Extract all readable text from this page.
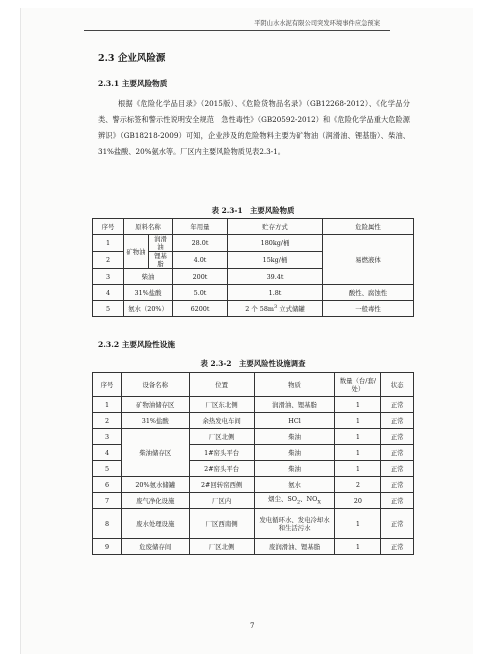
平阴山水水泥有限公司突发环境事件应急预案
2.3 企业风险源
2.3.1 主要风险物质

根据《危险化学品目录》（2015版）、《危险货物品名录》（GB12268-2012）、《化学品分类、警示标签和警示性说明安全规范　急性毒性》（GB20592-2012）和《危险化学品重大危险源辨识》（GB18218-2009）可知，企业涉及的危险物料主要为矿物油（润滑油、锂基脂）、柴油、31%盐酸、20%氨水等。厂区内主要风险物质见表2.3-1。

表 2.3-1　主要风险物质
序号	原料名称		年用量	贮存方式	危险属性
1	矿物油	润滑油	28.0t	180kg/桶	易燃液体
2		锂基脂	4.0t	15kg/桶	
3	柴油		200t	39.4t	
4	31%盐酸		5.0t	1.8t	酸性、腐蚀性
5	氨水（20%）		6200t	2 个 $58m^3$ 立式储罐	一般毒性
2.3.2 主要风险性设施
表 2.3-2　主要风险性设施调查
序号	设备名称	位置	物质	数量（台/套/处）	状态
1	矿物油储存区	厂区东北侧	润滑油、锂基脂	1	正常
2	31%盐酸	余热发电车间	HCl	1	正常
3	柴油储存区	厂区北侧	柴油	1	正常
4		1#窑头平台	柴油	1	正常
5		2#窑头平台	柴油	1	正常
6	20%氨水储罐	2#回转窑西侧	氨水	2	正常
7	废气净化设施	厂区内	烟尘、$SO_2$、$NO_X$	20	正常
8	废水处理设施	厂区西南侧	发电循环水、发电冷却水和生活污水	1	正常
9	危废储存间	厂区北侧	废润滑油、锂基脂	1	正常
7
